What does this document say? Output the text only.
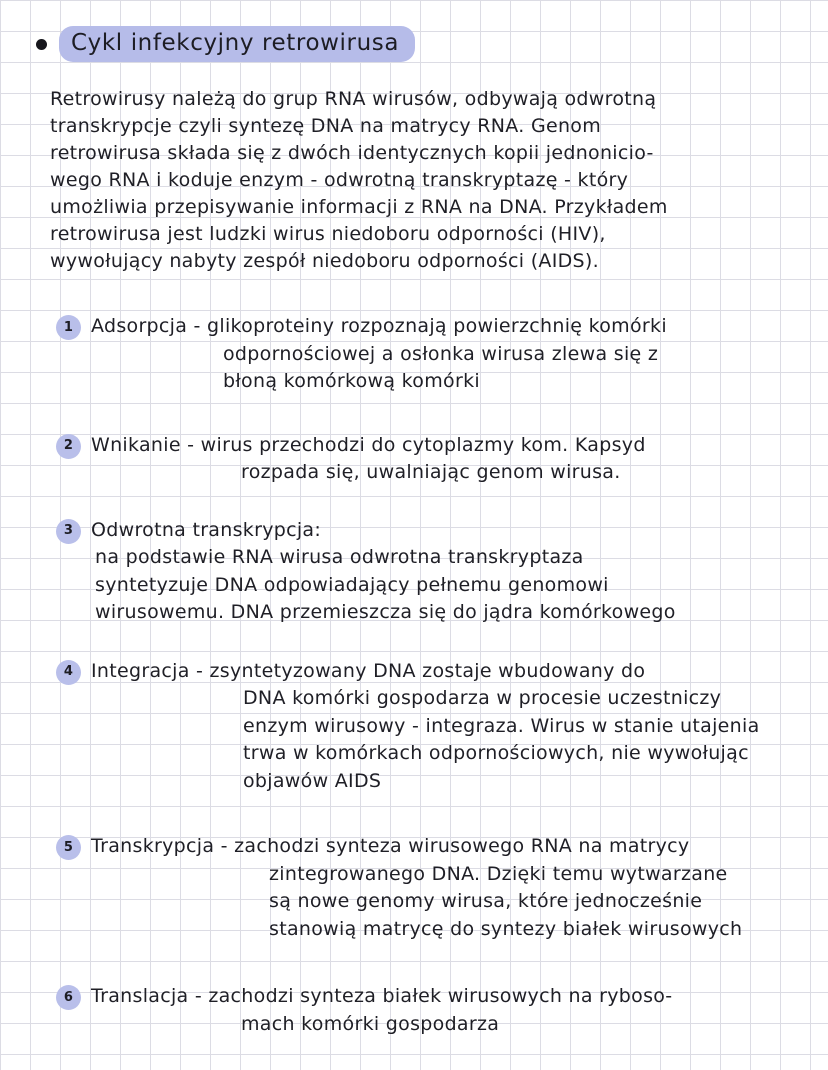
Cykl infekcyjny retrowirusa
Retrowirusy należą do grup RNA wirusów, odbywają odwrotną
transkrypcje czyli syntezę DNA na matrycy RNA. Genom
retrowirusa składa się z dwóch identycznych kopii jednonicio-
wego RNA i koduje enzym - odwrotną transkryptazę - który
umożliwia przepisywanie informacji z RNA na DNA. Przykładem
retrowirusa jest ludzki wirus niedoboru odporności (HIV),
wywołujący nabyty zespół niedoboru odporności (AIDS).
1 Adsorpcja - glikoproteiny rozpoznają powierzchnię komórki
odpornościowej a osłonka wirusa zlewa się z
błoną komórkową komórki
2 Wnikanie - wirus przechodzi do cytoplazmy kom. Kapsyd
rozpada się, uwalniając genom wirusa.
3 Odwrotna transkrypcja:
na podstawie RNA wirusa odwrotna transkryptaza
syntetyzuje DNA odpowiadający pełnemu genomowi
wirusowemu. DNA przemieszcza się do jądra komórkowego
4 Integracja - zsyntetyzowany DNA zostaje wbudowany do
DNA komórki gospodarza w procesie uczestniczy
enzym wirusowy - integraza. Wirus w stanie utajenia
trwa w komórkach odpornościowych, nie wywołując
objawów AIDS
5 Transkrypcja - zachodzi synteza wirusowego RNA na matrycy
zintegrowanego DNA. Dzięki temu wytwarzane
są nowe genomy wirusa, które jednocześnie
stanowią matrycę do syntezy białek wirusowych
6 Translacja - zachodzi synteza białek wirusowych na rybosо-
mach komórki gospodarza
